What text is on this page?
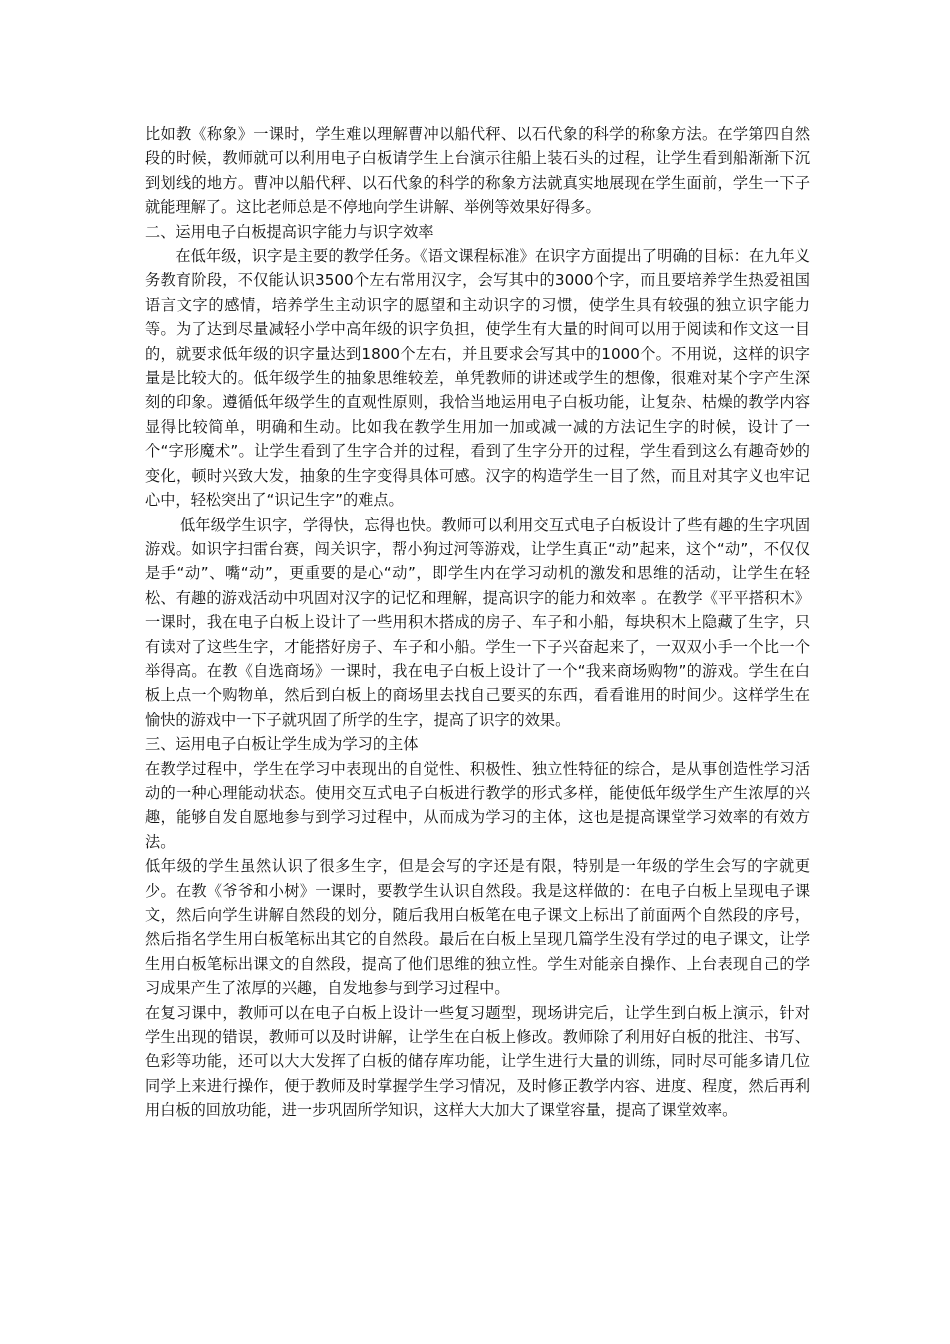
比如教《称象》一课时，学生难以理解曹冲以船代秤、以石代象的科学的称象方法。在学第四自然段的时候，教师就可以利用电子白板请学生上台演示往船上装石头的过程，让学生看到船渐渐下沉到划线的地方。曹冲以船代秤、以石代象的科学的称象方法就真实地展现在学生面前，学生一下子就能理解了。这比老师总是不停地向学生讲解、举例等效果好得多。

二、运用电子白板提高识字能力与识字效率

在低年级，识字是主要的教学任务。《语文课程标准》在识字方面提出了明确的目标：在九年义务教育阶段，不仅能认识3500个左右常用汉字，会写其中的3000个字，而且要培养学生热爱祖国语言文字的感情，培养学生主动识字的愿望和主动识字的习惯，使学生具有较强的独立识字能力等。为了达到尽量减轻小学中高年级的识字负担，使学生有大量的时间可以用于阅读和作文这一目的，就要求低年级的识字量达到1800个左右，并且要求会写其中的1000个。不用说，这样的识字量是比较大的。低年级学生的抽象思维较差，单凭教师的讲述或学生的想像，很难对某个字产生深刻的印象。遵循低年级学生的直观性原则，我恰当地运用电子白板功能，让复杂、枯燥的教学内容显得比较简单，明确和生动。比如我在教学生用加一加或减一减的方法记生字的时候，设计了一个“字形魔术”。让学生看到了生字合并的过程，看到了生字分开的过程，学生看到这么有趣奇妙的变化，顿时兴致大发，抽象的生字变得具体可感。汉字的构造学生一目了然，而且对其字义也牢记心中，轻松突出了“识记生字”的难点。

低年级学生识字，学得快，忘得也快。教师可以利用交互式电子白板设计了些有趣的生字巩固游戏。如识字扫雷台赛，闯关识字，帮小狗过河等游戏，让学生真正“动”起来，这个“动”，不仅仅是手“动”、嘴“动”，更重要的是心“动”，即学生内在学习动机的激发和思维的活动，让学生在轻松、有趣的游戏活动中巩固对汉字的记忆和理解，提高识字的能力和效率 。在教学《平平搭积木》一课时，我在电子白板上设计了一些用积木搭成的房子、车子和小船，每块积木上隐藏了生字，只有读对了这些生字，才能搭好房子、车子和小船。学生一下子兴奋起来了，一双双小手一个比一个举得高。在教《自选商场》一课时，我在电子白板上设计了一个“我来商场购物”的游戏。学生在白板上点一个购物单，然后到白板上的商场里去找自己要买的东西，看看谁用的时间少。这样学生在愉快的游戏中一下子就巩固了所学的生字，提高了识字的效果。

三、运用电子白板让学生成为学习的主体

在教学过程中，学生在学习中表现出的自觉性、积极性、独立性特征的综合，是从事创造性学习活动的一种心理能动状态。使用交互式电子白板进行教学的形式多样，能使低年级学生产生浓厚的兴趣，能够自发自愿地参与到学习过程中，从而成为学习的主体，这也是提高课堂学习效率的有效方法。

低年级的学生虽然认识了很多生字，但是会写的字还是有限，特别是一年级的学生会写的字就更少。在教《爷爷和小树》一课时，要教学生认识自然段。我是这样做的：在电子白板上呈现电子课文，然后向学生讲解自然段的划分，随后我用白板笔在电子课文上标出了前面两个自然段的序号，然后指名学生用白板笔标出其它的自然段。最后在白板上呈现几篇学生没有学过的电子课文，让学生用白板笔标出课文的自然段，提高了他们思维的独立性。学生对能亲自操作、上台表现自己的学习成果产生了浓厚的兴趣，自发地参与到学习过程中。

在复习课中，教师可以在电子白板上设计一些复习题型，现场讲完后，让学生到白板上演示，针对学生出现的错误，教师可以及时讲解，让学生在白板上修改。教师除了利用好白板的批注、书写、色彩等功能，还可以大大发挥了白板的储存库功能，让学生进行大量的训练，同时尽可能多请几位同学上来进行操作，便于教师及时掌握学生学习情况，及时修正教学内容、进度、程度，然后再利用白板的回放功能，进一步巩固所学知识，这样大大加大了课堂容量，提高了课堂效率。
